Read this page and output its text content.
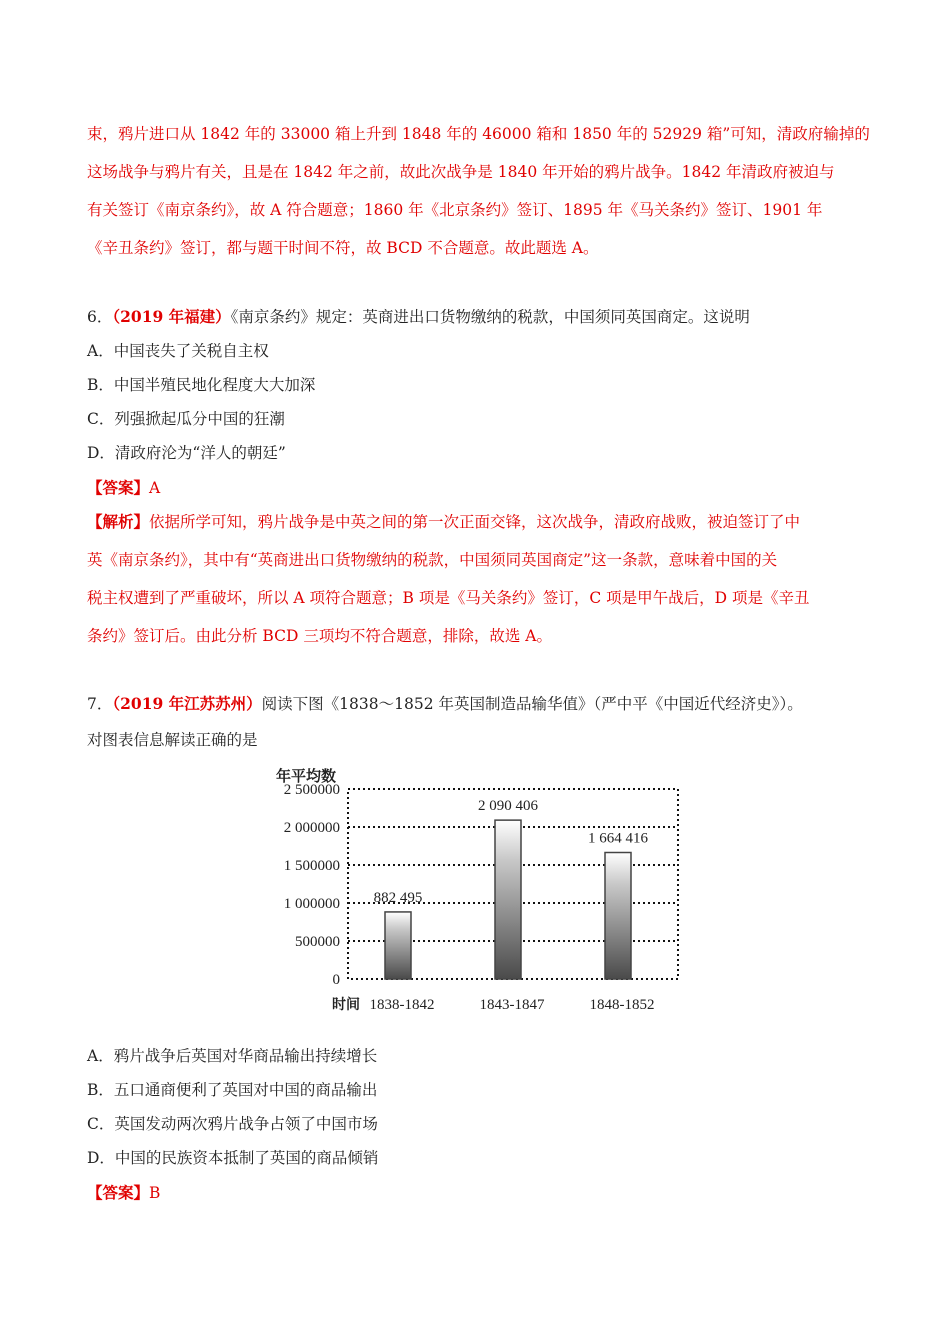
束，鸦片进口从 1842 年的 33000 箱上升到 1848 年的 46000 箱和 1850 年的 52929 箱”可知，清政府输掉的
这场战争与鸦片有关，且是在 1842 年之前，故此次战争是 1840 年开始的鸦片战争。1842 年清政府被迫与
有关签订《南京条约》，故 A 符合题意；1860 年《北京条约》签订、1895 年《马关条约》签订、1901 年
《辛丑条约》签订，都与题干时间不符，故 BCD 不合题意。故此题选 A。
6．（2019 年福建）《南京条约》规定：英商进出口货物缴纳的税款，中国须同英国商定。这说明
A．中国丧失了关税自主权
B．中国半殖民地化程度大大加深
C．列强掀起瓜分中国的狂潮
D．清政府沦为“洋人的朝廷”
【答案】A
【解析】依据所学可知，鸦片战争是中英之间的第一次正面交锋，这次战争，清政府战败，被迫签订了中
英《南京条约》，其中有“英商进出口货物缴纳的税款，中国须同英国商定”这一条款，意味着中国的关
税主权遭到了严重破坏，所以 A 项符合题意；B 项是《马关条约》签订，C 项是甲午战后，D 项是《辛丑
条约》签订后。由此分析 BCD 三项均不符合题意，排除，故选 A。
7．（2019 年江苏苏州）阅读下图《1838～1852 年英国制造品输华值》（严中平《中国近代经济史》）。
对图表信息解读正确的是
0
500000
1 000000
1 500000
2 000000
2 500000
882 495
1838-1842
2 090 406
1843-1847
1 664 416
1848-1852
年平均数
时间
A．鸦片战争后英国对华商品输出持续增长
B．五口通商便利了英国对中国的商品输出
C．英国发动两次鸦片战争占领了中国市场
D．中国的民族资本抵制了英国的商品倾销
【答案】B
